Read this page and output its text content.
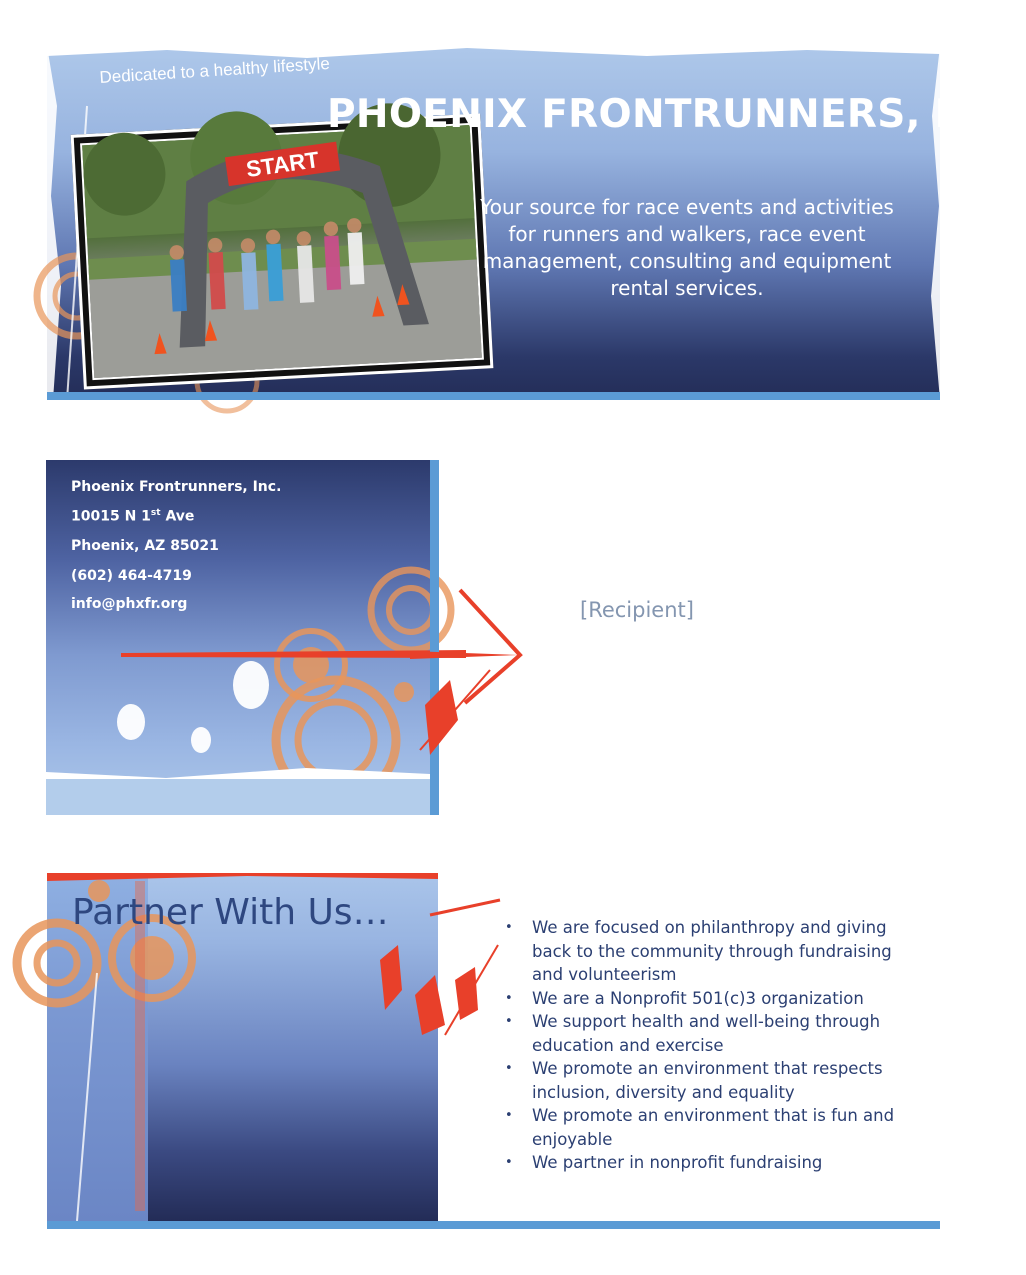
Dedicated to a healthy lifestyle
START
PHOENIX FRONTRUNNERS, INC.
Your source for race events and activities for runners and walkers, race event management, consulting and equipment rental services.
Phoenix Frontrunners, Inc.
10015 N 1st Ave
Phoenix, AZ 85021
(602) 464-4719
info@phxfr.org	[Recipient]
Partner With Us…
•	We are focused on philanthropy and giving back to the community through fundraising and volunteerism
• We are a Nonprofit 501(c)3 organization
• We support health and well-being through education and exercise
• We promote an environment that respects inclusion, diversity and equality
• We promote an environment that is fun and enjoyable
• We partner in nonprofit fundraising
